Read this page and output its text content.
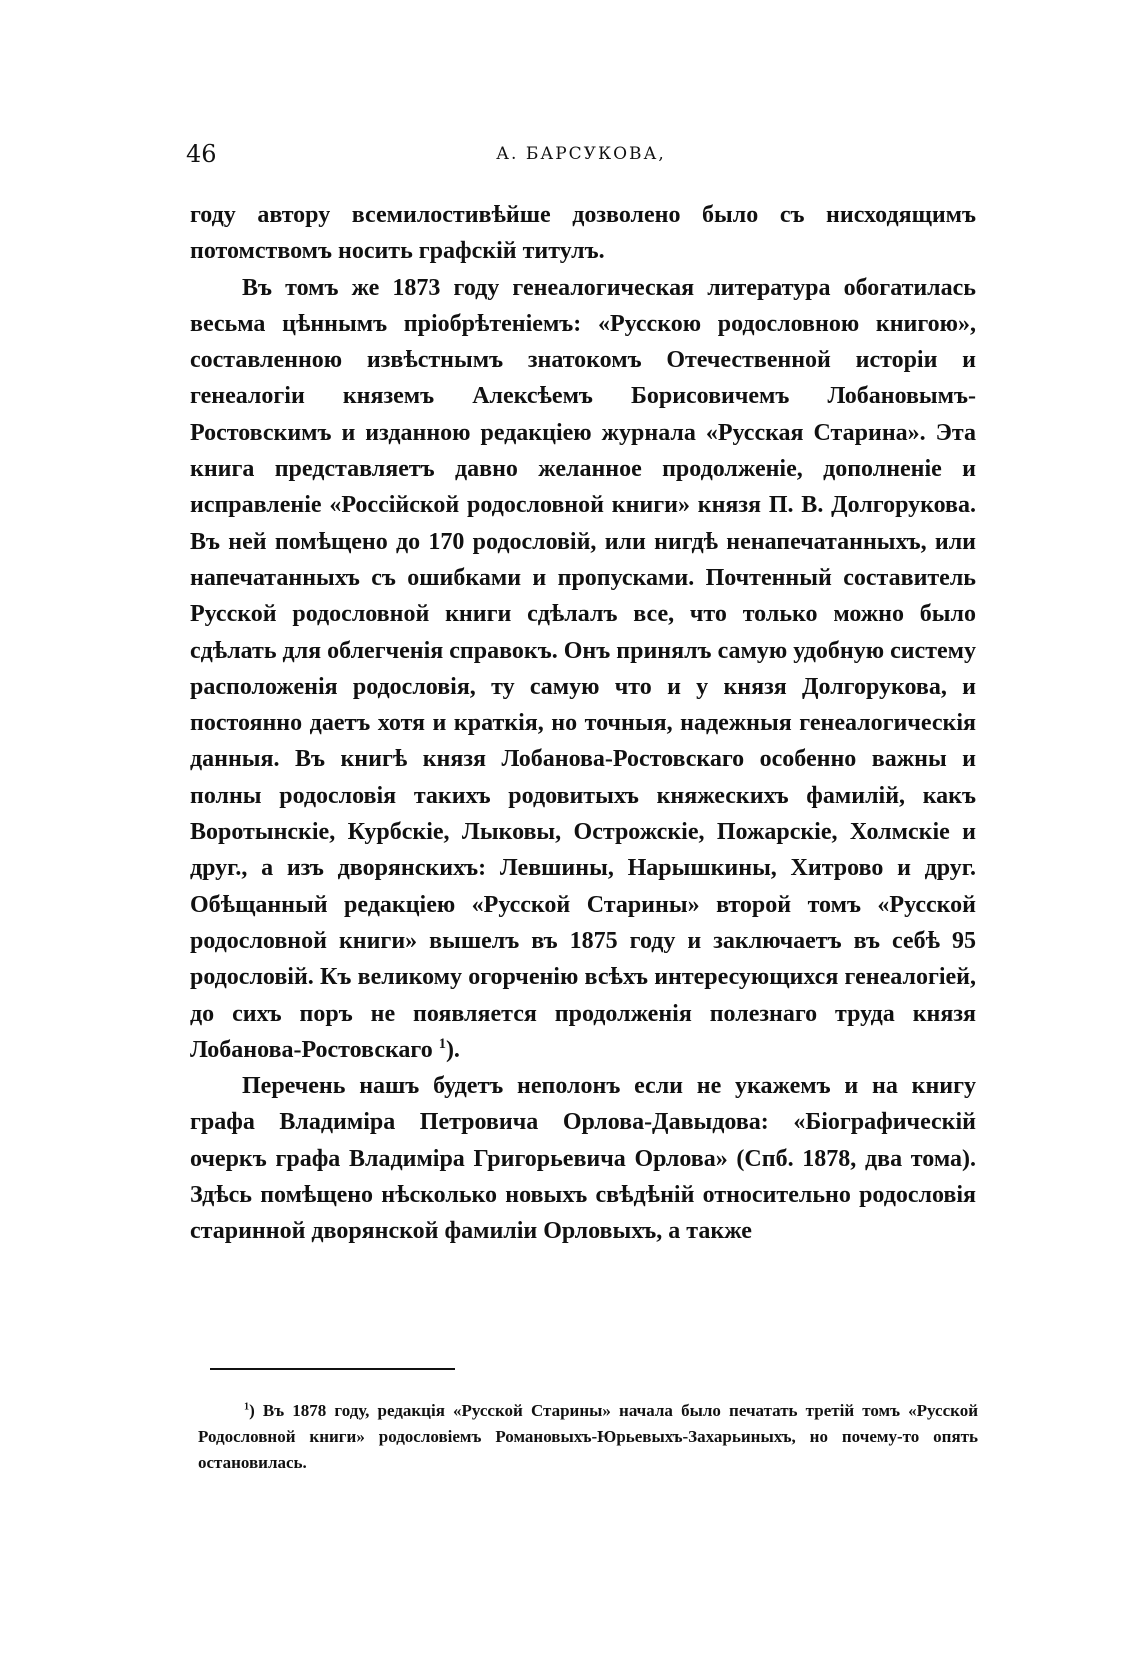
46	А. БАРСУКОВА,

году автору всемилостивѣйше дозволено было съ нисходящимъ потомствомъ носить графскій титулъ.

Въ томъ же 1873 году генеалогическая литература обогатилась весьма цѣннымъ пріобрѣтеніемъ: «Русскою родословною книгою», составленною извѣстнымъ знатокомъ Отечественной исторіи и генеалогіи княземъ Алексѣемъ Борисовичемъ Лобановымъ-Ростовскимъ и изданною редакціею журнала «Русская Старина». Эта книга представляетъ давно желанное продолженіе, дополненіе и исправленіе «Россійской родословной книги» князя П. В. Долгорукова. Въ ней помѣщено до 170 родословій, или нигдѣ ненапечатанныхъ, или напечатанныхъ съ ошибками и пропусками. Почтенный составитель Русской родословной книги сдѣлалъ все, что только можно было сдѣлать для облегченія справокъ. Онъ принялъ самую удобную систему расположенія родословія, ту самую что и у князя Долгорукова, и постоянно даетъ хотя и краткія, но точныя, надежныя генеалогическія данныя. Въ книгѣ князя Лобанова-Ростовскаго особенно важны и полны родословія такихъ родовитыхъ княжескихъ фамилій, какъ Воротынскіе, Курбскіе, Лыковы, Острожскіе, Пожарскіе, Холмскіе и друг., а изъ дворянскихъ: Левшины, Нарышкины, Хитрово и друг. Обѣщанный редакціею «Русской Старины» второй томъ «Русской родословной книги» вышелъ въ 1875 году и заключаетъ въ себѣ 95 родословій. Къ великому огорченію всѣхъ интересующихся генеалогіей, до сихъ поръ не появляется продолженія полезнаго труда князя Лобанова-Ростовскаго $^1$).

Перечень нашъ будетъ неполонъ если не укажемъ и на книгу графа Владиміра Петровича Орлова-Давыдова: «Біографическій очеркъ графа Владиміра Григорьевича Орлова» (Спб. 1878, два тома). Здѣсь помѣщено нѣсколько новыхъ свѣдѣній относительно родословія старинной дворянской фамиліи Орловыхъ, а также

$^1$) Въ 1878 году, редакція «Русской Старины» начала было печатать третій томъ «Русской Родословной книги» родословіемъ Романовыхъ-Юрьевыхъ-Захарьиныхъ, но почему-то опять остановилась.
